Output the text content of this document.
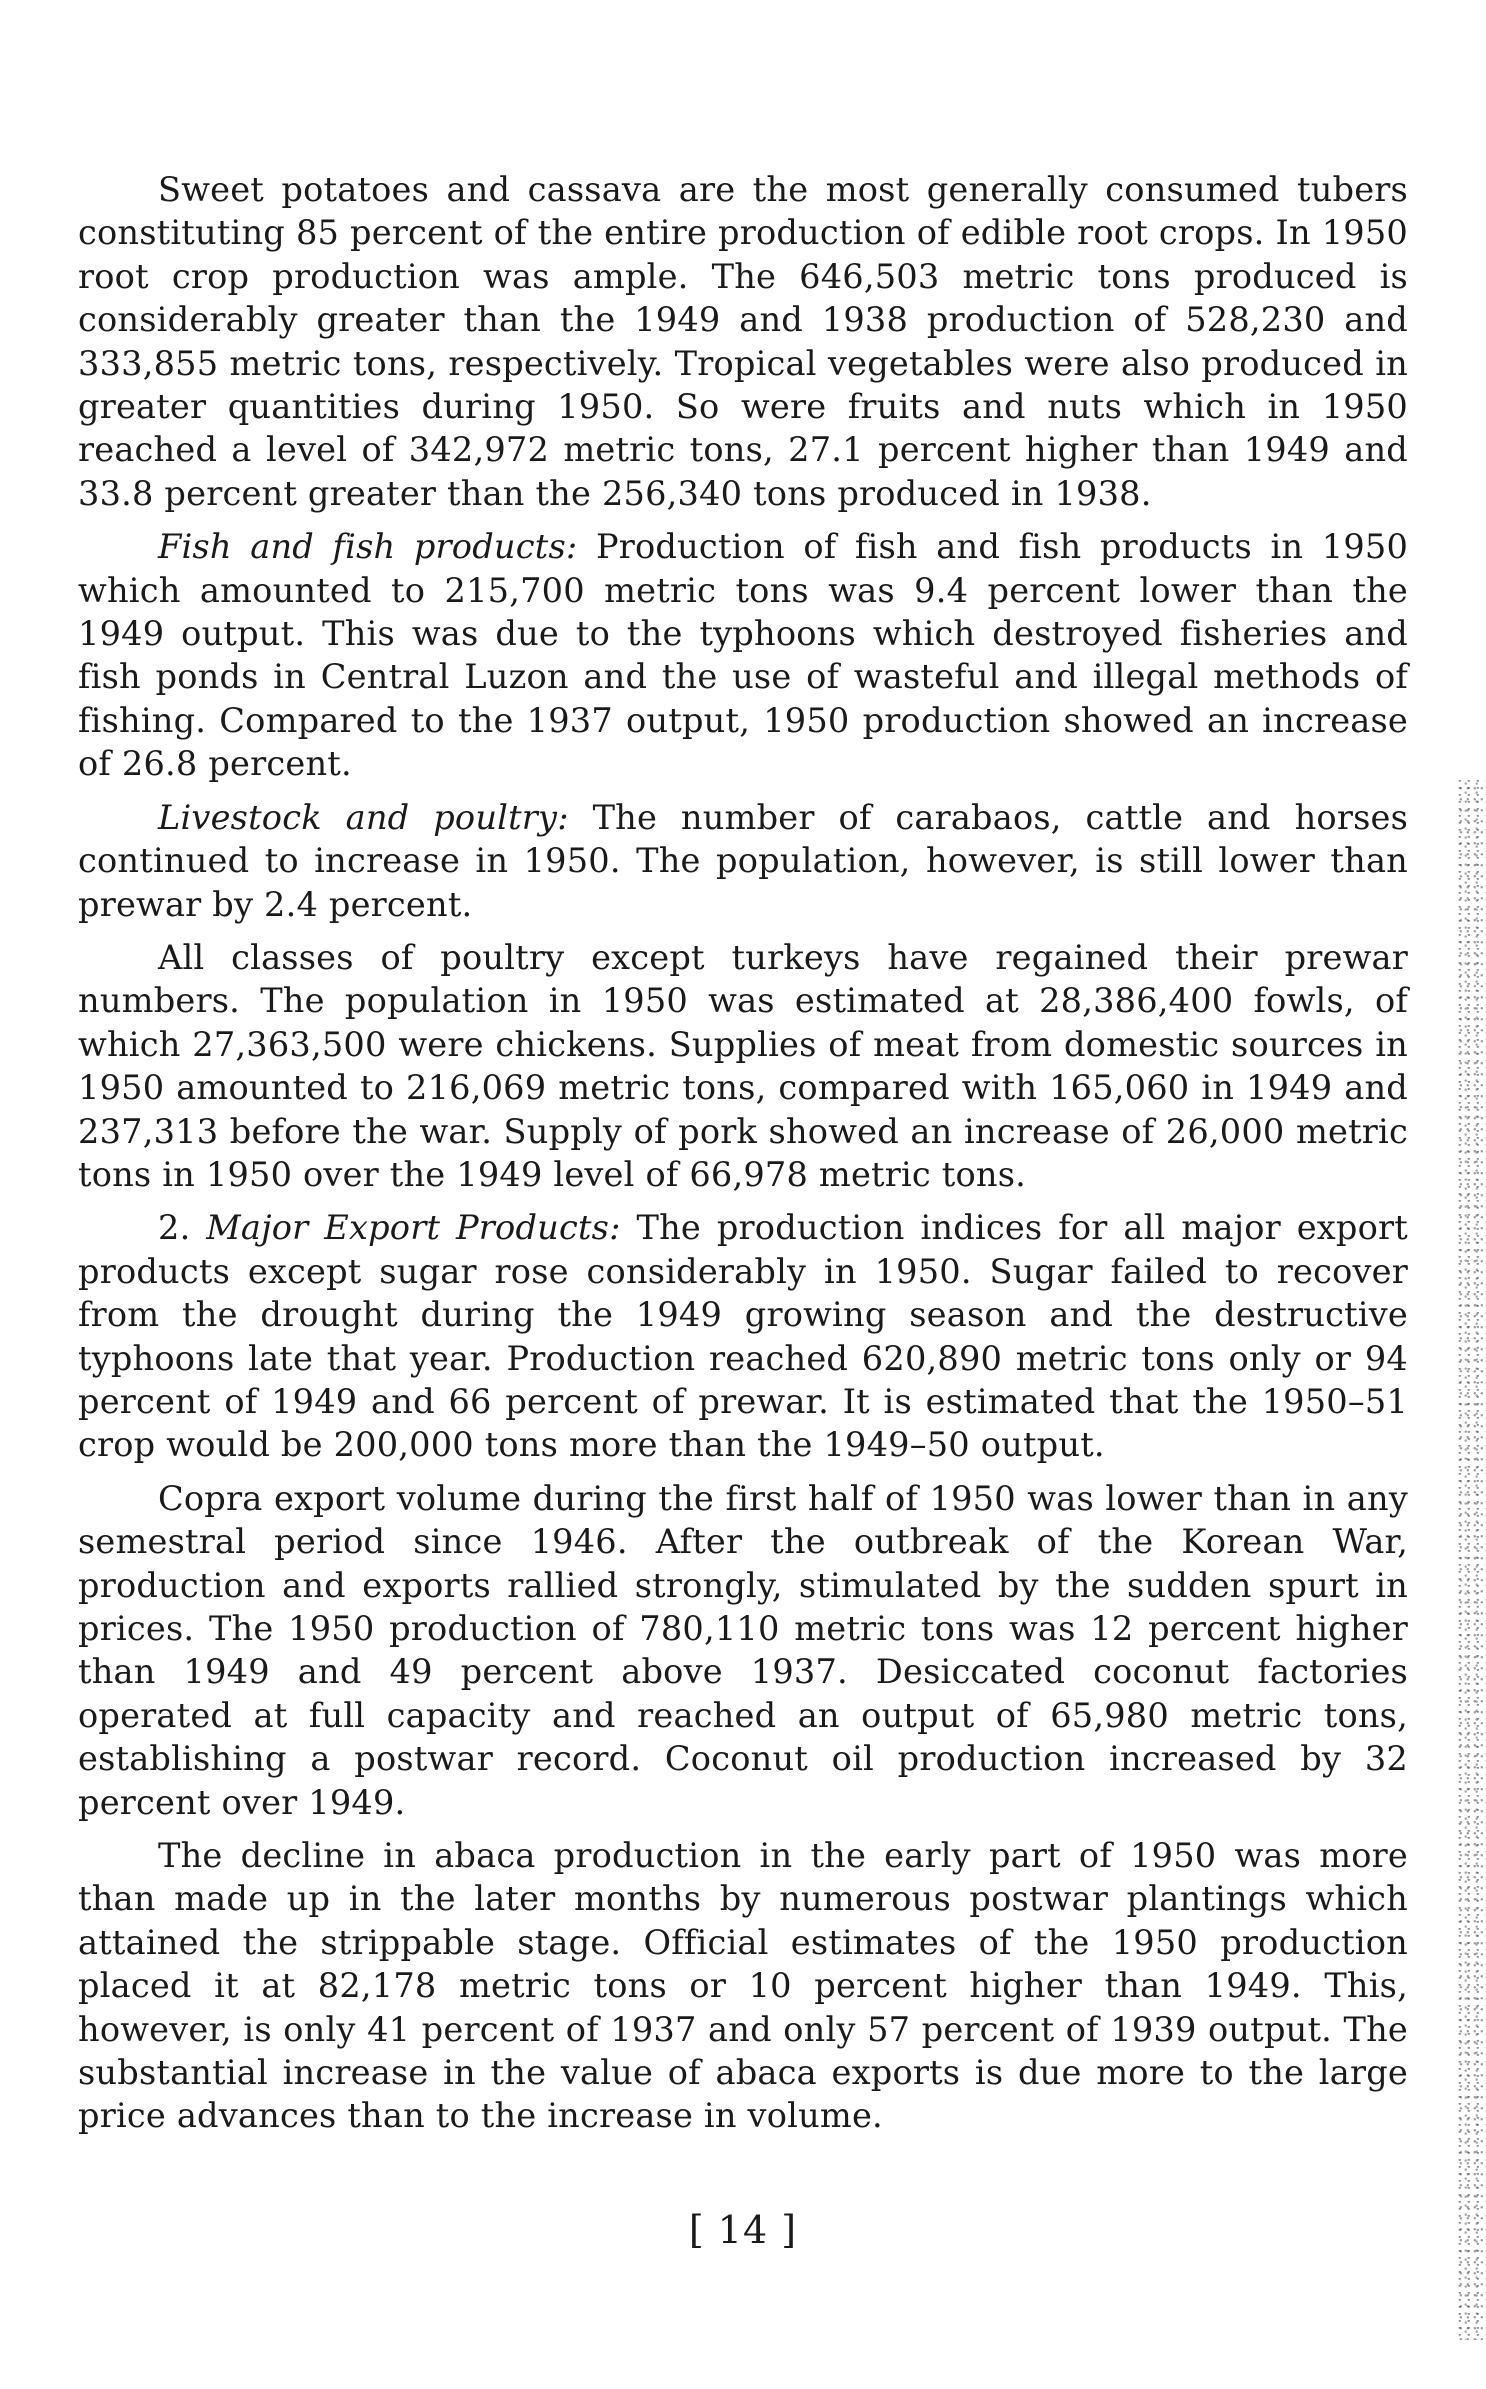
Sweet potatoes and cassava are the most generally consumed tubers constituting 85 percent of the entire production of edible root crops. In 1950 root crop production was ample. The 646,503 metric tons produced is considerably greater than the 1949 and 1938 production of 528,230 and 333,855 metric tons, respectively. Tropical vegetables were also produced in greater quantities during 1950. So were fruits and nuts which in 1950 reached a level of 342,972 metric tons, 27.1 percent higher than 1949 and 33.8 percent greater than the 256,340 tons produced in 1938.

Fish and fish products: Production of fish and fish products in 1950 which amounted to 215,700 metric tons was 9.4 percent lower than the 1949 output. This was due to the typhoons which destroyed fisheries and fish ponds in Central Luzon and the use of wasteful and illegal methods of fishing. Compared to the 1937 output, 1950 production showed an increase of 26.8 percent.

Livestock and poultry: The number of carabaos, cattle and horses continued to increase in 1950. The population, however, is still lower than prewar by 2.4 percent.

All classes of poultry except turkeys have regained their prewar numbers. The population in 1950 was estimated at 28,386,400 fowls, of which 27,363,500 were chickens. Supplies of meat from domestic sources in 1950 amounted to 216,069 metric tons, compared with 165,060 in 1949 and 237,313 before the war. Supply of pork showed an increase of 26,000 metric tons in 1950 over the 1949 level of 66,978 metric tons.

2. Major Export Products: The production indices for all major export products except sugar rose considerably in 1950. Sugar failed to recover from the drought during the 1949 growing season and the destructive typhoons late that year. Production reached 620,890 metric tons only or 94 percent of 1949 and 66 percent of prewar. It is estimated that the 1950–51 crop would be 200,000 tons more than the 1949–50 output.

Copra export volume during the first half of 1950 was lower than in any semestral period since 1946. After the outbreak of the Korean War, production and exports rallied strongly, stimulated by the sudden spurt in prices. The 1950 production of 780,110 metric tons was 12 percent higher than 1949 and 49 percent above 1937. Desiccated coconut factories operated at full capacity and reached an output of 65,980 metric tons, establishing a postwar record. Coconut oil production increased by 32 percent over 1949.

The decline in abaca production in the early part of 1950 was more than made up in the later months by numerous postwar plantings which attained the strippable stage. Official estimates of the 1950 production placed it at 82,178 metric tons or 10 percent higher than 1949. This, however, is only 41 percent of 1937 and only 57 percent of 1939 output. The substantial increase in the value of abaca exports is due more to the large price advances than to the increase in volume.

[ 14 ]
